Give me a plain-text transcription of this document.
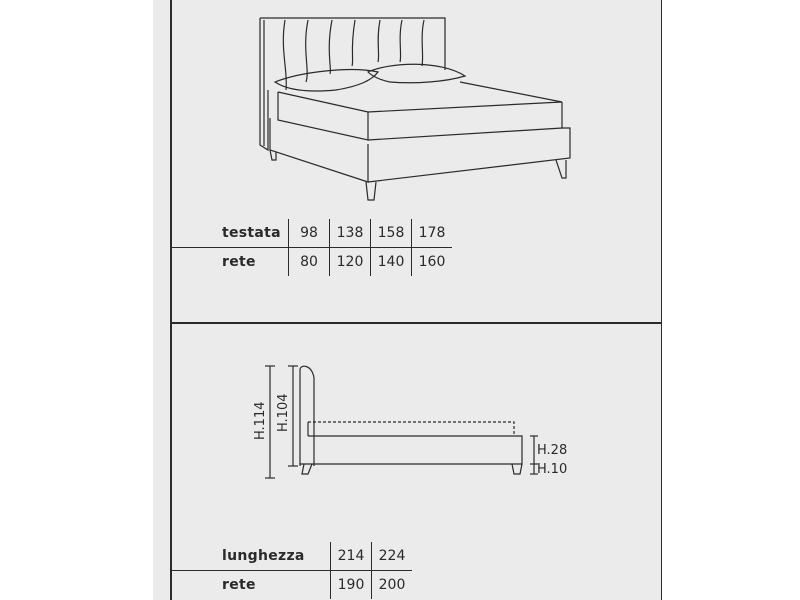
testata	98	138	158	178
rete	80	120	140	160
H.114 H.104
H.28
H.10
lunghezza	214	224
rete	190	200
